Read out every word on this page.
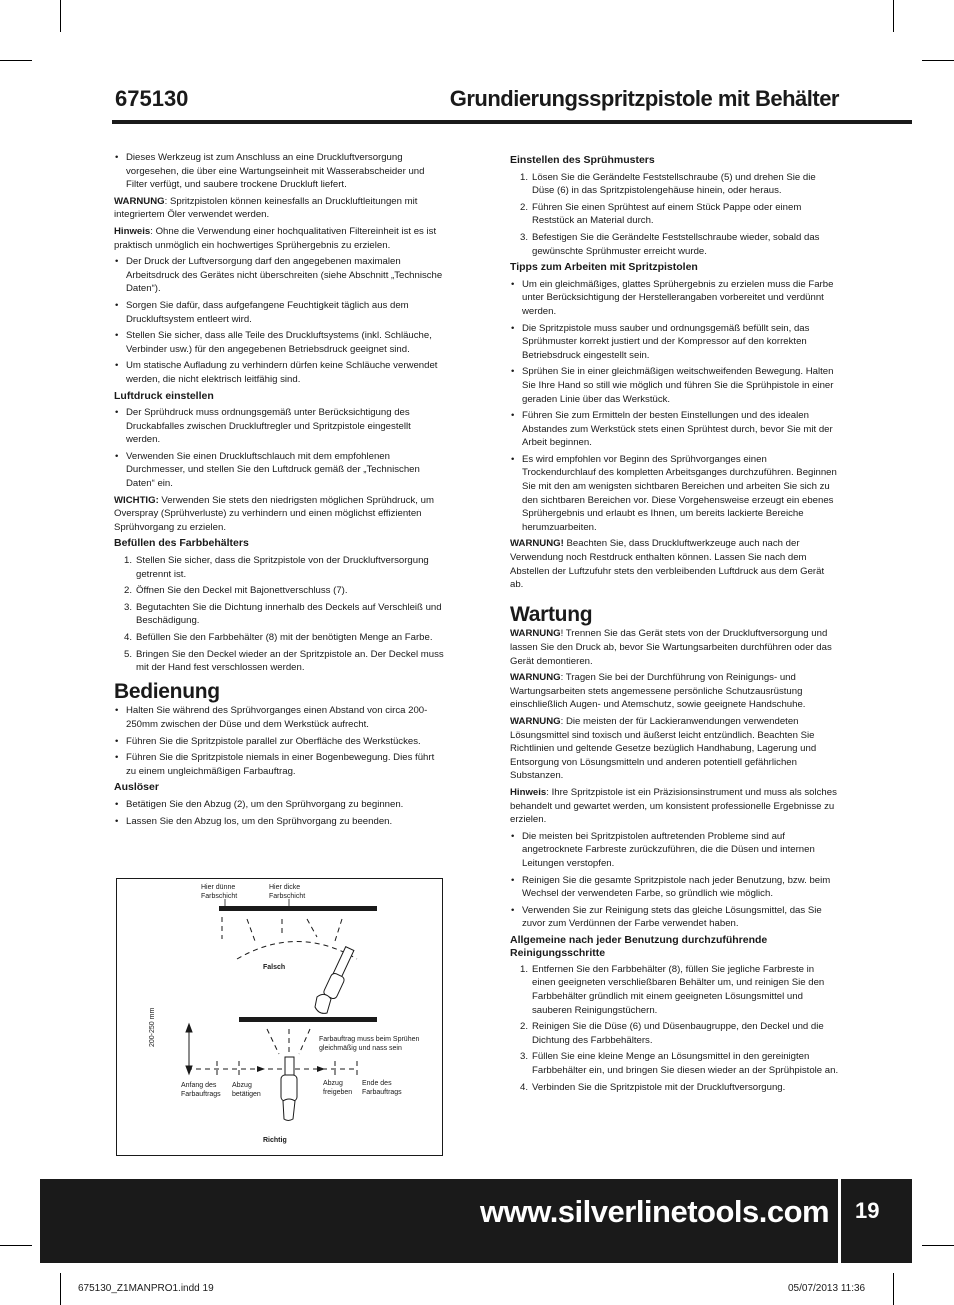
675130	Grundierungsspritzpistole mit Behälter
• Dieses Werkzeug ist zum Anschluss an eine Druckluftversorgung vorgesehen, die über eine Wartungseinheit mit Wasserabscheider und Filter verfügt, und saubere trockene Druckluft liefert.

WARNUNG: Spritzpistolen können keinesfalls an Druckluftleitungen mit integriertem Öler verwendet werden.

Hinweis: Ohne die Verwendung einer hochqualitativen Filtereinheit ist es ist praktisch unmöglich ein hochwertiges Sprühergebnis zu erzielen.

• Der Druck der Luftversorgung darf den angegebenen maximalen Arbeitsdruck des Gerätes nicht überschreiten (siehe Abschnitt „Technische Daten“).
• Sorgen Sie dafür, dass aufgefangene Feuchtigkeit täglich aus dem Druckluftsystem entleert wird.
• Stellen Sie sicher, dass alle Teile des Druckluftsystems (inkl. Schläuche, Verbinder usw.) für den angegebenen Betriebsdruck geeignet sind.
• Um statische Aufladung zu verhindern dürfen keine Schläuche verwendet werden, die nicht elektrisch leitfähig sind.
Luftdruck einstellen
• Der Sprühdruck muss ordnungsgemäß unter Berücksichtigung des Druckabfalles zwischen Druckluftregler und Spritzpistole eingestellt werden.
• Verwenden Sie einen Druckluftschlauch mit dem empfohlenen Durchmesser, und stellen Sie den Luftdruck gemäß der „Technischen Daten“ ein.

WICHTIG: Verwenden Sie stets den niedrigsten möglichen Sprühdruck, um Overspray (Sprühverluste) zu verhindern und einen möglichst effizienten Sprühvorgang zu erzielen.

Befüllen des Farbbehälters
1. Stellen Sie sicher, dass die Spritzpistole von der Druckluftversorgung getrennt ist.
2. Öffnen Sie den Deckel mit Bajonettverschluss (7).
3. Begutachten Sie die Dichtung innerhalb des Deckels auf Verschleiß und Beschädigung.
4. Befüllen Sie den Farbbehälter (8) mit der benötigten Menge an Farbe.
5. Bringen Sie den Deckel wieder an der Spritzpistole an. Der Deckel muss mit der Hand fest verschlossen werden.
Bedienung
• Halten Sie während des Sprühvorganges einen Abstand von circa 200-250mm zwischen der Düse und dem Werkstück aufrecht.
• Führen Sie die Spritzpistole parallel zur Oberfläche des Werkstückes.
• Führen Sie die Spritzpistole niemals in einer Bogenbewegung. Dies führt zu einem ungleichmäßigen Farbauftrag.
Auslöser
• Betätigen Sie den Abzug (2), um den Sprühvorgang zu beginnen.
• Lassen Sie den Abzug los, um den Sprühvorgang zu beenden.
Hier dünne Farbschicht
Hier dicke Farbschicht
Falsch
200-250 mm	Farbauftrag muss beim Sprühen gleichmäßig und nass sein
Anfang des Farbauftrags
Abzug betätigen
Abzug freigeben
Ende des Farbauftrags
Richtig
Einstellen des Sprühmusters
1. Lösen Sie die Gerändelte Feststellschraube (5) und drehen Sie die Düse (6) in das Spritzpistolengehäuse hinein, oder heraus.
2. Führen Sie einen Sprühtest auf einem Stück Pappe oder einem Reststück an Material durch.
3. Befestigen Sie die Gerändelte Feststellschraube wieder, sobald das gewünschte Sprühmuster erreicht wurde.
Tipps zum Arbeiten mit Spritzpistolen
• Um ein gleichmäßiges, glattes Sprühergebnis zu erzielen muss die Farbe unter Berücksichtigung der Herstellerangaben vorbereitet und verdünnt werden.
• Die Spritzpistole muss sauber und ordnungsgemäß befüllt sein, das Sprühmuster korrekt justiert und der Kompressor auf den korrekten Betriebsdruck eingestellt sein.
• Sprühen Sie in einer gleichmäßigen weitschweifenden Bewegung. Halten Sie Ihre Hand so still wie möglich und führen Sie die Sprühpistole in einer geraden Linie über das Werkstück.
• Führen Sie zum Ermitteln der besten Einstellungen und des idealen Abstandes zum Werkstück stets einen Sprühtest durch, bevor Sie mit der Arbeit beginnen.
• Es wird empfohlen vor Beginn des Sprühvorganges einen Trockendurchlauf des kompletten Arbeitsganges durchzuführen. Beginnen Sie mit den am wenigsten sichtbaren Bereichen und arbeiten Sie sich zu den sichtbaren Bereichen vor. Diese Vorgehensweise erzeugt ein ebenes Sprühergebnis und erlaubt es Ihnen, um bereits lackierte Bereiche herumzuarbeiten.

WARNUNG! Beachten Sie, dass Druckluftwerkzeuge auch nach der Verwendung noch Restdruck enthalten können. Lassen Sie nach dem Abstellen der Luftzufuhr stets den verbleibenden Luftdruck aus dem Gerät ab.

Wartung

WARNUNG! Trennen Sie das Gerät stets von der Druckluftversorgung und lassen Sie den Druck ab, bevor Sie Wartungsarbeiten durchführen oder das Gerät demontieren.

WARNUNG: Tragen Sie bei der Durchführung von Reinigungs- und Wartungsarbeiten stets angemessene persönliche Schutzausrüstung einschließlich Augen- und Atemschutz, sowie geeignete Handschuhe.

WARNUNG: Die meisten der für Lackieranwendungen verwendeten Lösungsmittel sind toxisch und äußerst leicht entzündlich. Beachten Sie Richtlinien und geltende Gesetze bezüglich Handhabung, Lagerung und Entsorgung von Lösungsmitteln und anderen potentiell gefährlichen Substanzen.

Hinweis: Ihre Spritzpistole ist ein Präzisionsinstrument und muss als solches behandelt und gewartet werden, um konsistent professionelle Ergebnisse zu erzielen.

• Die meisten bei Spritzpistolen auftretenden Probleme sind auf angetrocknete Farbreste zurückzuführen, die die Düsen und internen Leitungen verstopfen.
• Reinigen Sie die gesamte Spritzpistole nach jeder Benutzung, bzw. beim Wechsel der verwendeten Farbe, so gründlich wie möglich.
• Verwenden Sie zur Reinigung stets das gleiche Lösungsmittel, das Sie zuvor zum Verdünnen der Farbe verwendet haben.
Allgemeine nach jeder Benutzung durchzuführende Reinigungsschritte
1. Entfernen Sie den Farbbehälter (8), füllen Sie jegliche Farbreste in einen geeigneten verschließbaren Behälter um, und reinigen Sie den Farbbehälter gründlich mit einem geeigneten Lösungsmittel und sauberen Reinigungstüchern.
2. Reinigen Sie die Düse (6) und Düsenbaugruppe, den Deckel und die Dichtung des Farbbehälters.
3. Füllen Sie eine kleine Menge an Lösungsmittel in den gereinigten Farbbehälter ein, und bringen Sie diesen wieder an der Sprühpistole an.
4. Verbinden Sie die Spritzpistole mit der Druckluftversorgung.
www.silverlinetools.com 19
675130_Z1MANPRO1.indd 19	05/07/2013 11:36
